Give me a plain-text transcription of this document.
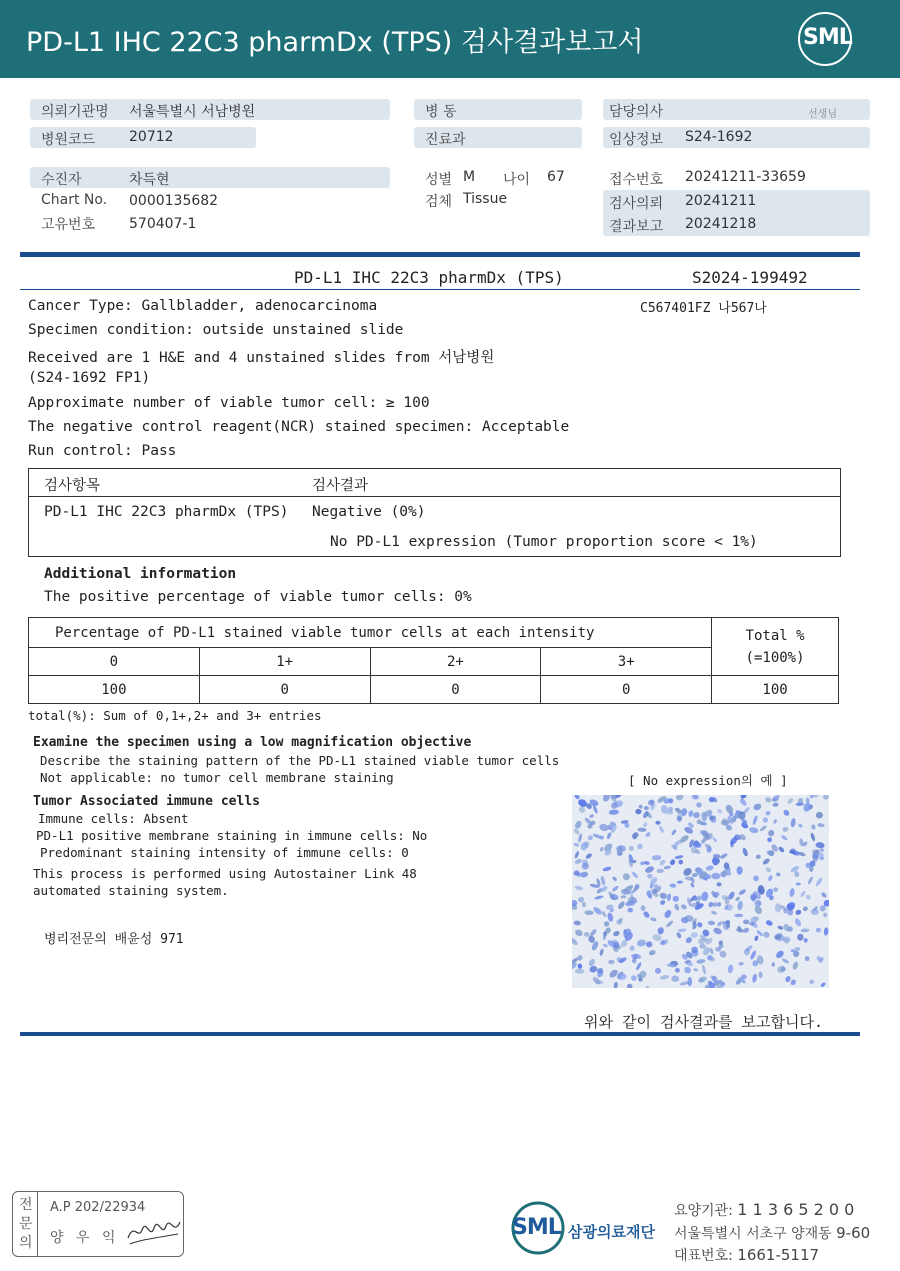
PD-L1 IHC 22C3 pharmDx (TPS) 검사결과보고서	SML
의뢰기관명 서울특별시 서남병원
병원코드 20712
수진자	차득현
Chart No. 0000135682
고유번호 570407-1
병 동
진료과
성별 M 나이 67
검체 Tissue
담당의사	선생님
임상정보 S24-1692
접수번호 20241211-33659
검사의뢰 20241211
결과보고 20241218
PD-L1 IHC 22C3 pharmDx (TPS)	S2024-199492
C567401FZ 나567나
Cancer Type: Gallbladder, adenocarcinoma
Specimen condition: outside unstained slide
Received are 1 H&E and 4 unstained slides from 서남병원
(S24-1692 FP1)
Approximate number of viable tumor cell: ≥ 100
The negative control reagent(NCR) stained specimen: Acceptable
Run control: Pass
검사항목	검사결과
PD-L1 IHC 22C3 pharmDx (TPS) Negative (0%)
No PD-L1 expression (Tumor proportion score < 1%)
Additional information
The positive percentage of viable tumor cells: 0%
Percentage of PD-L1 stained viable tumor cells at each intensity				Total %
(=100%)

0	1+	2+	3+	
100	0	0	0	100
total(%): Sum of 0,1+,2+ and 3+ entries
Examine the specimen using a low magnification objective
Describe the staining pattern of the PD-L1 stained viable tumor cells
Not applicable: no tumor cell membrane staining	[ No expression의 예 ]
Tumor Associated immune cells
Immune cells: Absent
PD-L1 positive membrane staining in immune cells: No
Predominant staining intensity of immune cells: 0
This process is performed using Autostainer Link 48
automated staining system.
병리전문의 배윤성 971
위와 같이 검사결과를 보고합니다.
전
문
의
A.P 202/22934
양 우 익	SML 삼광의료재단
요양기관: 1 1 3 6 5 2 0 0
서울특별시 서초구 양재동 9-60
대표번호: 1661-5117
